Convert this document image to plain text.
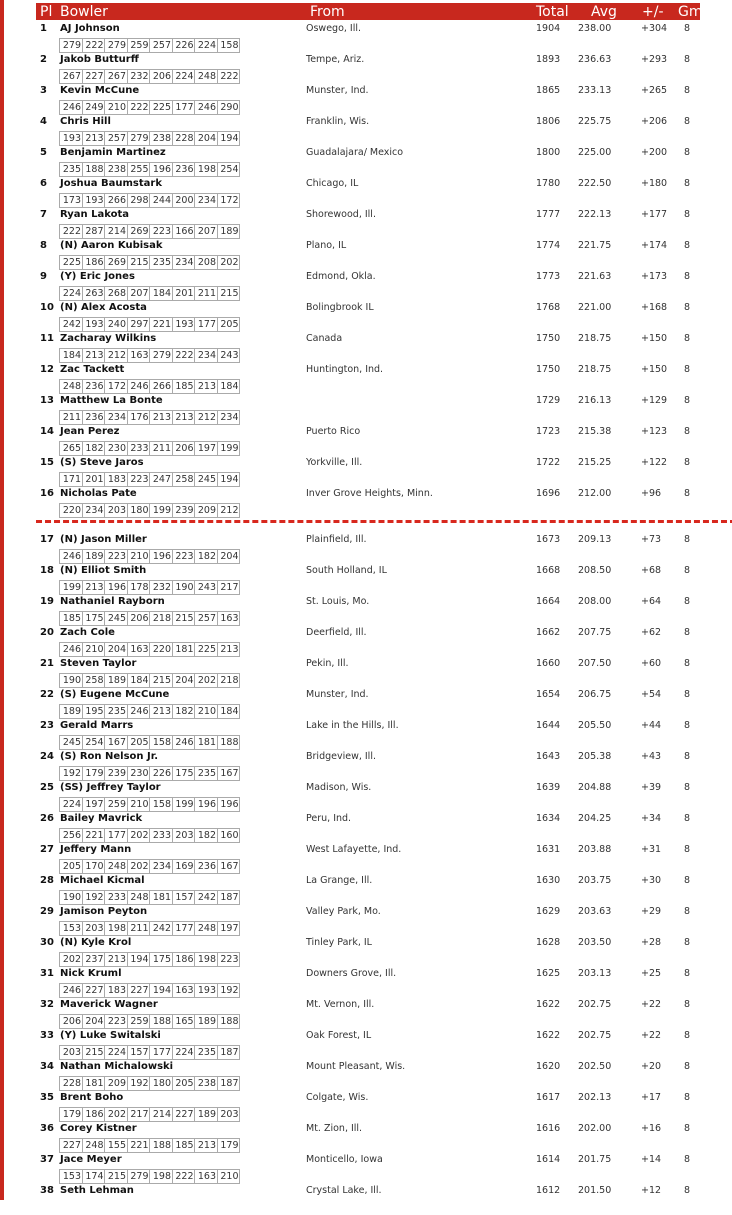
Pl Bowler	From	Total Avg +/- Gm
1 AJ Johnson
279 222 279 259 257 226 224 158
Oswego, Ill.	1904 238.00	+304 8
2 Jakob Butturff
267 227 267 232 206 224 248 222
Tempe, Ariz.	1893 236.63	+293 8
3 Kevin McCune
246 249 210 222 225 177 246 290
Munster, Ind.	1865 233.13	+265 8
4 Chris Hill
193 213 257 279 238 228 204 194
Franklin, Wis.	1806 225.75	+206 8
5 Benjamin Martinez
235 188 238 255 196 236 198 254
Guadalajara/ Mexico	1800 225.00	+200 8
6 Joshua Baumstark
173 193 266 298 244 200 234 172
Chicago, IL	1780 222.50	+180 8
7 Ryan Lakota
222 287 214 269 223 166 207 189
Shorewood, Ill.	1777 222.13	+177 8
8 (N) Aaron Kubisak
225 186 269 215 235 234 208 202
Plano, IL	1774 221.75	+174 8
9 (Y) Eric Jones
224 263 268 207 184 201 211 215
Edmond, Okla.	1773 221.63	+173 8
10 (N) Alex Acosta
242 193 240 297 221 193 177 205
Bolingbrook IL	1768 221.00	+168 8
11 Zacharay Wilkins
184 213 212 163 279 222 234 243
Canada	1750 218.75	+150 8
12 Zac Tackett
248 236 172 246 266 185 213 184
Huntington, Ind.	1750 218.75	+150 8
13 Matthew La Bonte
211 236 234 176 213 213 212 234
1729 216.13	+129 8
14 Jean Perez
265 182 230 233 211 206 197 199
Puerto Rico	1723 215.38	+123 8
15 (S) Steve Jaros
171 201 183 223 247 258 245 194
Yorkville, Ill.	1722 215.25	+122 8
16 Nicholas Pate
220 234 203 180 199 239 209 212
Inver Grove Heights, Minn.	1696 212.00	+96 8
17 (N) Jason Miller
246 189 223 210 196 223 182 204
Plainfield, Ill.	1673 209.13	+73 8
18 (N) Elliot Smith
199 213 196 178 232 190 243 217
South Holland, IL	1668 208.50	+68 8
19 Nathaniel Rayborn
185 175 245 206 218 215 257 163
St. Louis, Mo.	1664 208.00	+64 8
20 Zach Cole
246 210 204 163 220 181 225 213
Deerfield, Ill.	1662 207.75	+62 8
21 Steven Taylor
190 258 189 184 215 204 202 218
Pekin, Ill.	1660 207.50	+60 8
22 (S) Eugene McCune
189 195 235 246 213 182 210 184
Munster, Ind.	1654 206.75	+54 8
23 Gerald Marrs
245 254 167 205 158 246 181 188
Lake in the Hills, Ill.	1644 205.50	+44 8
24 (S) Ron Nelson Jr.
192 179 239 230 226 175 235 167
Bridgeview, Ill.	1643 205.38	+43 8
25 (SS) Jeffrey Taylor
224 197 259 210 158 199 196 196
Madison, Wis.	1639 204.88	+39 8
26 Bailey Mavrick
256 221 177 202 233 203 182 160
Peru, Ind.	1634 204.25	+34 8
27 Jeffery Mann
205 170 248 202 234 169 236 167
West Lafayette, Ind.	1631 203.88	+31 8
28 Michael Kicmal
190 192 233 248 181 157 242 187
La Grange, Ill.	1630 203.75	+30 8
29 Jamison Peyton
153 203 198 211 242 177 248 197
Valley Park, Mo.	1629 203.63	+29 8
30 (N) Kyle Krol
202 237 213 194 175 186 198 223
Tinley Park, IL	1628 203.50	+28 8
31 Nick Kruml
246 227 183 227 194 163 193 192
Downers Grove, Ill.	1625 203.13	+25 8
32 Maverick Wagner
206 204 223 259 188 165 189 188
Mt. Vernon, Ill.	1622 202.75	+22 8
33 (Y) Luke Switalski
203 215 224 157 177 224 235 187
Oak Forest, IL	1622 202.75	+22 8
34 Nathan Michalowski
228 181 209 192 180 205 238 187
Mount Pleasant, Wis.	1620 202.50	+20 8
35 Brent Boho
179 186 202 217 214 227 189 203
Colgate, Wis.	1617 202.13	+17 8
36 Corey Kistner
227 248 155 221 188 185 213 179
Mt. Zion, Ill.	1616 202.00	+16 8
37 Jace Meyer
153 174 215 279 198 222 163 210
Monticello, Iowa	1614 201.75	+14 8
38 Seth Lehman	Crystal Lake, Ill.	1612 201.50	+12 8
